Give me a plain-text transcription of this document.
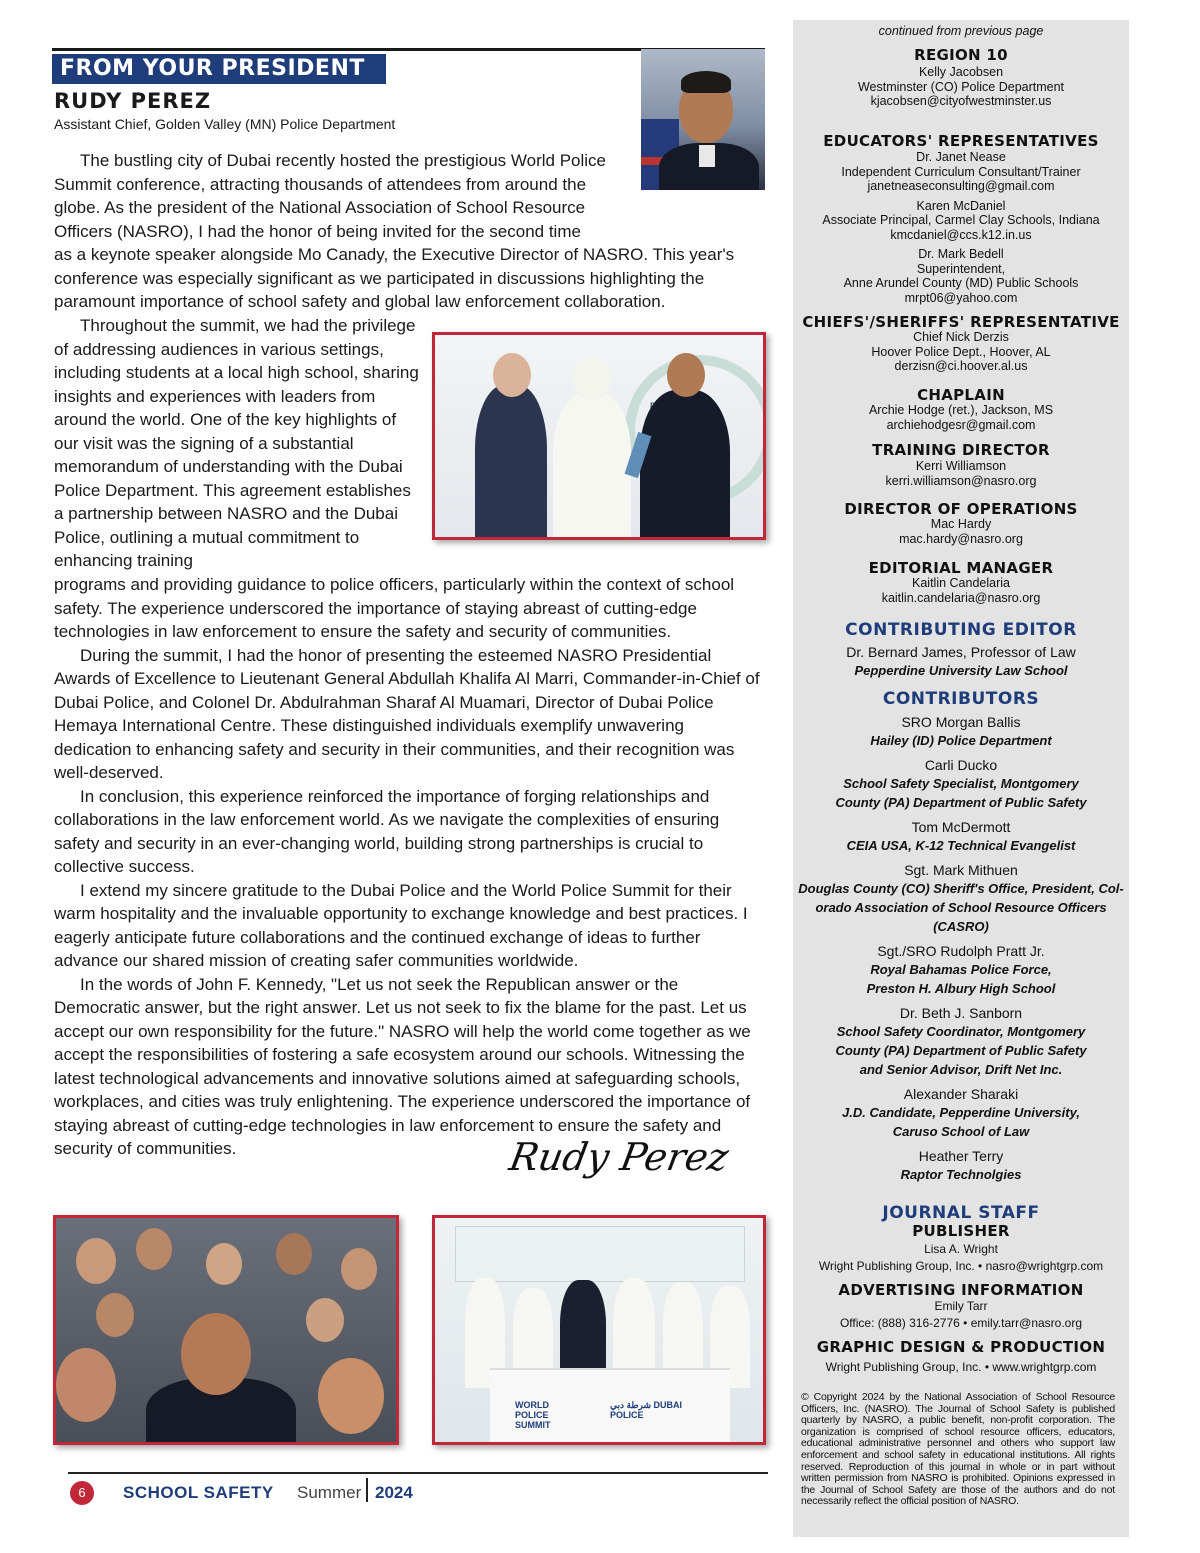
FROM YOUR PRESIDENT
RUDY PEREZ
Assistant Chief, Golden Valley (MN) Police Department

The bustling city of Dubai recently hosted the prestigious World Police Summit conference, attracting thousands of attendees from around the globe. As the president of the National Association of School Resource Officers (NASRO), I had the honor of being invited for the second time

as a keynote speaker alongside Mo Canady, the Executive Director of NASRO. This year's conference was especially significant as we participated in discussions highlighting the paramount importance of school safety and global law enforcement collaboration.

Throughout the summit, we had the privilege of addressing audiences in various settings, including students at a local high school, sharing insights and experiences with leaders from around the world. One of the key highlights of our visit was the signing of a substantial memorandum of understanding with the Dubai Police Department. This agreement establishes a partnership between NASRO and the Dubai Police, outlining a mutual commitment to enhancing training

programs and providing guidance to police officers, particularly within the context of school safety. The experience underscored the importance of staying abreast of cutting-edge technologies in law enforcement to ensure the safety and security of communities.

During the summit, I had the honor of presenting the esteemed NASRO Presidential Awards of Excellence to Lieutenant General Abdullah Khalifa Al Marri, Commander-in-Chief of Dubai Police, and Colonel Dr. Abdulrahman Sharaf Al Muamari, Director of Dubai Police Hemaya International Centre. These distinguished individuals exemplify unwavering dedication to enhancing safety and security in their communities, and their recognition was well-deserved.

In conclusion, this experience reinforced the importance of forging relationships and collaborations in the law enforcement world. As we navigate the complexities of ensuring safety and security in an ever-changing world, building strong partnerships is crucial to collective success.

I extend my sincere gratitude to the Dubai Police and the World Police Summit for their warm hospitality and the invaluable opportunity to exchange knowledge and best practices. I eagerly anticipate future collaborations and the continued exchange of ideas to further advance our shared mission of creating safer communities worldwide.

In the words of John F. Kennedy, "Let us not seek the Republican answer or the Democratic answer, but the right answer. Let us not seek to fix the blame for the past. Let us accept our own responsibility for the future." NASRO will help the world come together as we accept the responsibilities of fostering a safe ecosystem around our schools. Witnessing the latest technological advancements and innovative solutions aimed at safeguarding schools, workplaces, and cities was truly enlightening. The experience underscored the importance of staying abreast of cutting-edge technologies in law enforcement to ensure the safety and security of communities.	Rudy Perez
WORLD POLICE SUMMIT
شرطة دبي DUBAI POLICE
6	SCHOOL SAFETY Summer 2024
continued from previous page
REGION 10
Kelly Jacobsen
Westminster (CO) Police Department
kjacobsen@cityofwestminster.us
EDUCATORS' REPRESENTATIVES
Dr. Janet Nease
Independent Curriculum Consultant/Trainer
janetneaseconsulting@gmail.com
Karen McDaniel
Associate Principal, Carmel Clay Schools, Indiana
kmcdaniel@ccs.k12.in.us
Dr. Mark Bedell
Superintendent,
Anne Arundel County (MD) Public Schools
mrpt06@yahoo.com
CHIEFS'/SHERIFFS' REPRESENTATIVE
Chief Nick Derzis
Hoover Police Dept., Hoover, AL
derzisn@ci.hoover.al.us
CHAPLAIN
Archie Hodge (ret.), Jackson, MS
archiehodgesr@gmail.com
TRAINING DIRECTOR
Kerri Williamson
kerri.williamson@nasro.org
DIRECTOR OF OPERATIONS
Mac Hardy
mac.hardy@nasro.org
EDITORIAL MANAGER
Kaitlin Candelaria
kaitlin.candelaria@nasro.org
CONTRIBUTING EDITOR
Dr. Bernard James, Professor of Law
Pepperdine University Law School
CONTRIBUTORS
SRO Morgan Ballis
Hailey (ID) Police Department
Carli Ducko
School Safety Specialist, Montgomery
County (PA) Department of Public Safety
Tom McDermott
CEIA USA, K-12 Technical Evangelist
Sgt. Mark Mithuen
Douglas County (CO) Sheriff's Office, President, Col-
orado Association of School Resource Officers
(CASRO)
Sgt./SRO Rudolph Pratt Jr.
Royal Bahamas Police Force,
Preston H. Albury High School
Dr. Beth J. Sanborn
School Safety Coordinator, Montgomery
County (PA) Department of Public Safety
and Senior Advisor, Drift Net Inc.
Alexander Sharaki
J.D. Candidate, Pepperdine University,
Caruso School of Law
Heather Terry
Raptor Technolgies
JOURNAL STAFF
PUBLISHER
Lisa A. Wright
Wright Publishing Group, Inc. • nasro@wrightgrp.com
ADVERTISING INFORMATION
Emily Tarr
Office: (888) 316-2776 • emily.tarr@nasro.org
GRAPHIC DESIGN & PRODUCTION
Wright Publishing Group, Inc. • www.wrightgrp.com
© Copyright 2024 by the National Association of School Resource Officers, Inc. (NASRO). The Journal of School Safety is published quarterly by NASRO, a public benefit, non-profit corporation. The organization is comprised of school resource officers, educators, educational administrative personnel and others who support law enforcement and school safety in educational institutions. All rights reserved. Reproduction of this journal in whole or in part without written permission from NASRO is prohibited. Opinions expressed in the Journal of School Safety are those of the authors and do not necessarily reflect the official position of NASRO.
